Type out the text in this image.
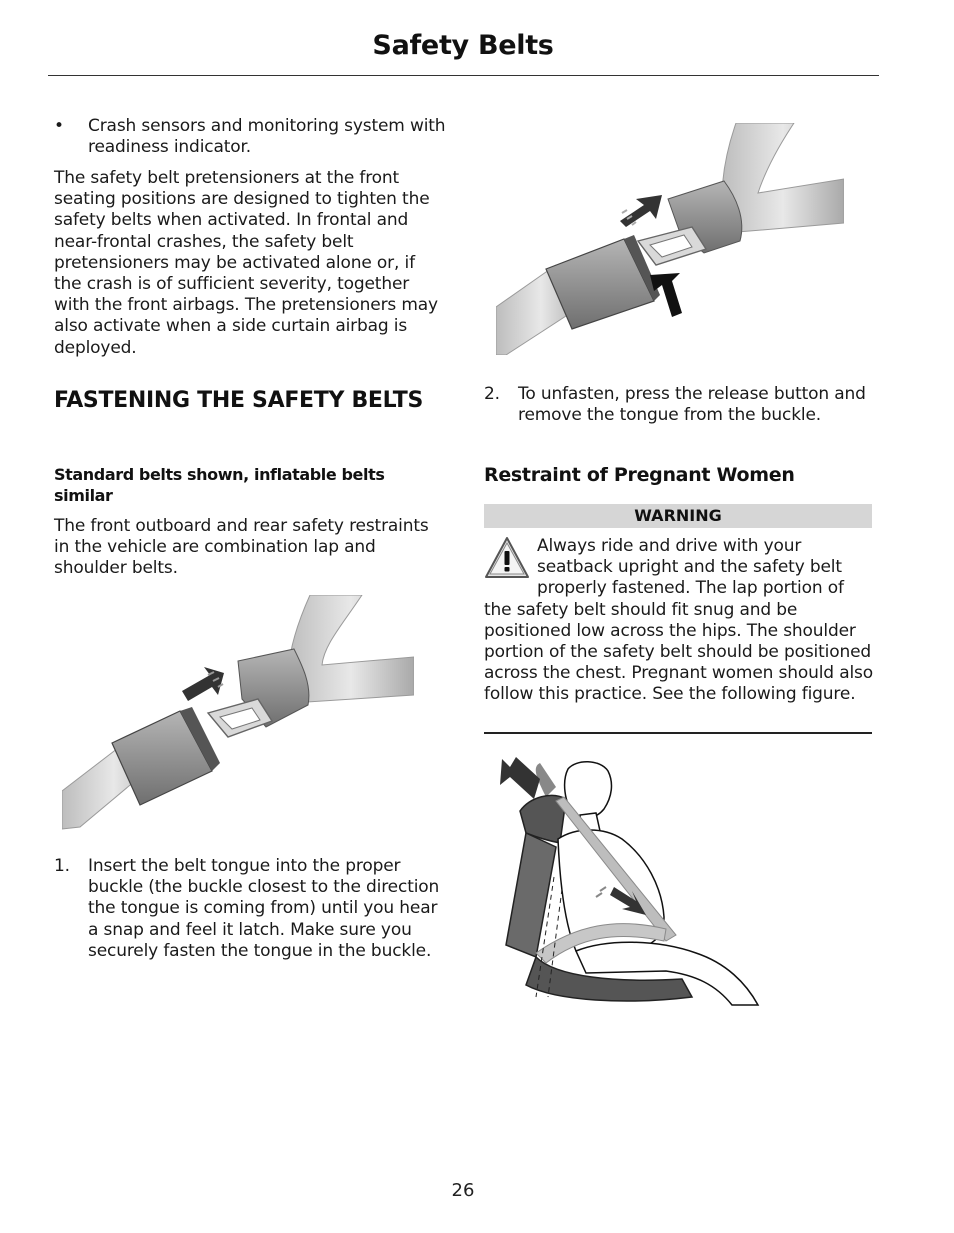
Safety Belts
• Crash sensors and monitoring system with readiness indicator.

The safety belt pretensioners at the front seating positions are designed to tighten the safety belts when activated. In frontal and near-frontal crashes, the safety belt pretensioners may be activated alone or, if the crash is of sufficient severity, together with the front airbags. The pretensioners may also activate when a side curtain airbag is deployed.

FASTENING THE SAFETY BELTS
Standard belts shown, inflatable belts similar

The front outboard and rear safety restraints in the vehicle are combination lap and shoulder belts.

1. Insert the belt tongue into the proper buckle (the buckle closest to the direction the tongue is coming from) until you hear a snap and feel it latch. Make sure you securely fasten the tongue in the buckle.
2. To unfasten, press the release button and remove the tongue from the buckle.
Restraint of Pregnant Women
WARNING
Always ride and drive with your seatback upright and the safety belt properly fastened. The lap portion of the safety belt should fit snug and be positioned low across the hips. The shoulder portion of the safety belt should be positioned across the chest. Pregnant women should also follow this practice. See the following figure.
26
